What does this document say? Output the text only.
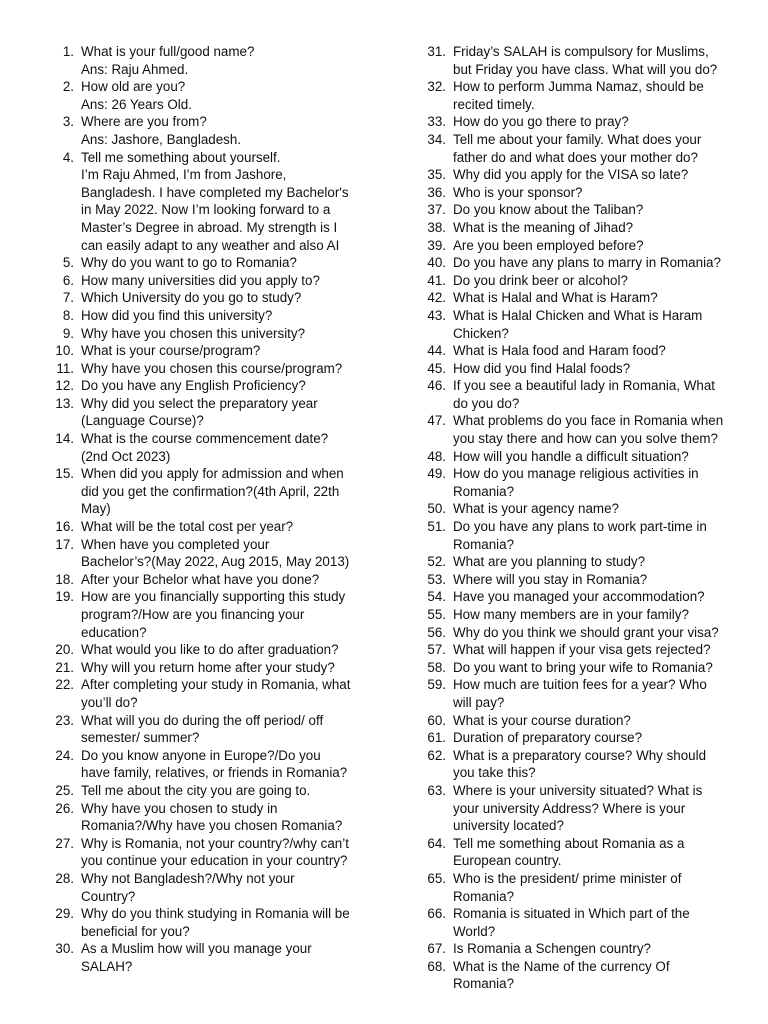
1. What is your full/good name?
Ans: Raju Ahmed.
2. How old are you?
Ans: 26 Years Old.
3. Where are you from?
Ans: Jashore, Bangladesh.
4. Tell me something about yourself.
I’m Raju Ahmed, I’m from Jashore,
Bangladesh. I have completed my Bachelor's
in May 2022. Now I’m looking forward to a
Master’s Degree in abroad. My strength is I
can easily adapt to any weather and also AI
5. Why do you want to go to Romania?
6. How many universities did you apply to?
7. Which University do you go to study?
8. How did you find this university?
9. Why have you chosen this university?
10. What is your course/program?
11. Why have you chosen this course/program?
12. Do you have any English Proficiency?
13. Why did you select the preparatory year
(Language Course)?
14. What is the course commencement date?
(2nd Oct 2023)
15. When did you apply for admission and when
did you get the confirmation?(4th April, 22th
May)
16. What will be the total cost per year?
17. When have you completed your
Bachelor’s?(May 2022, Aug 2015, May 2013)
18. After your Bchelor what have you done?
19. How are you financially supporting this study
program?/How are you financing your
education?
20. What would you like to do after graduation?
21. Why will you return home after your study?
22. After completing your study in Romania, what
you’ll do?
23. What will you do during the off period/ off
semester/ summer?
24. Do you know anyone in Europe?/Do you
have family, relatives, or friends in Romania?
25. Tell me about the city you are going to.
26. Why have you chosen to study in
Romania?/Why have you chosen Romania?
27. Why is Romania, not your country?/why can’t
you continue your education in your country?
28. Why not Bangladesh?/Why not your
Country?
29. Why do you think studying in Romania will be
beneficial for you?
30. As a Muslim how will you manage your
SALAH?
31. Friday’s SALAH is compulsory for Muslims,
but Friday you have class. What will you do?
32. How to perform Jumma Namaz, should be
recited timely.
33. How do you go there to pray?
34. Tell me about your family. What does your
father do and what does your mother do?
35. Why did you apply for the VISA so late?
36. Who is your sponsor?
37. Do you know about the Taliban?
38. What is the meaning of Jihad?
39. Are you been employed before?
40. Do you have any plans to marry in Romania?
41. Do you drink beer or alcohol?
42. What is Halal and What is Haram?
43. What is Halal Chicken and What is Haram
Chicken?
44. What is Hala food and Haram food?
45. How did you find Halal foods?
46. If you see a beautiful lady in Romania, What
do you do?
47. What problems do you face in Romania when
you stay there and how can you solve them?
48. How will you handle a difficult situation?
49. How do you manage religious activities in
Romania?
50. What is your agency name?
51. Do you have any plans to work part-time in
Romania?
52. What are you planning to study?
53. Where will you stay in Romania?
54. Have you managed your accommodation?
55. How many members are in your family?
56. Why do you think we should grant your visa?
57. What will happen if your visa gets rejected?
58. Do you want to bring your wife to Romania?
59. How much are tuition fees for a year? Who
will pay?
60. What is your course duration?
61. Duration of preparatory course?
62. What is a preparatory course? Why should
you take this?
63. Where is your university situated? What is
your university Address? Where is your
university located?
64. Tell me something about Romania as a
European country.
65. Who is the president/ prime minister of
Romania?
66. Romania is situated in Which part of the
World?
67. Is Romania a Schengen country?
68. What is the Name of the currency Of
Romania?
